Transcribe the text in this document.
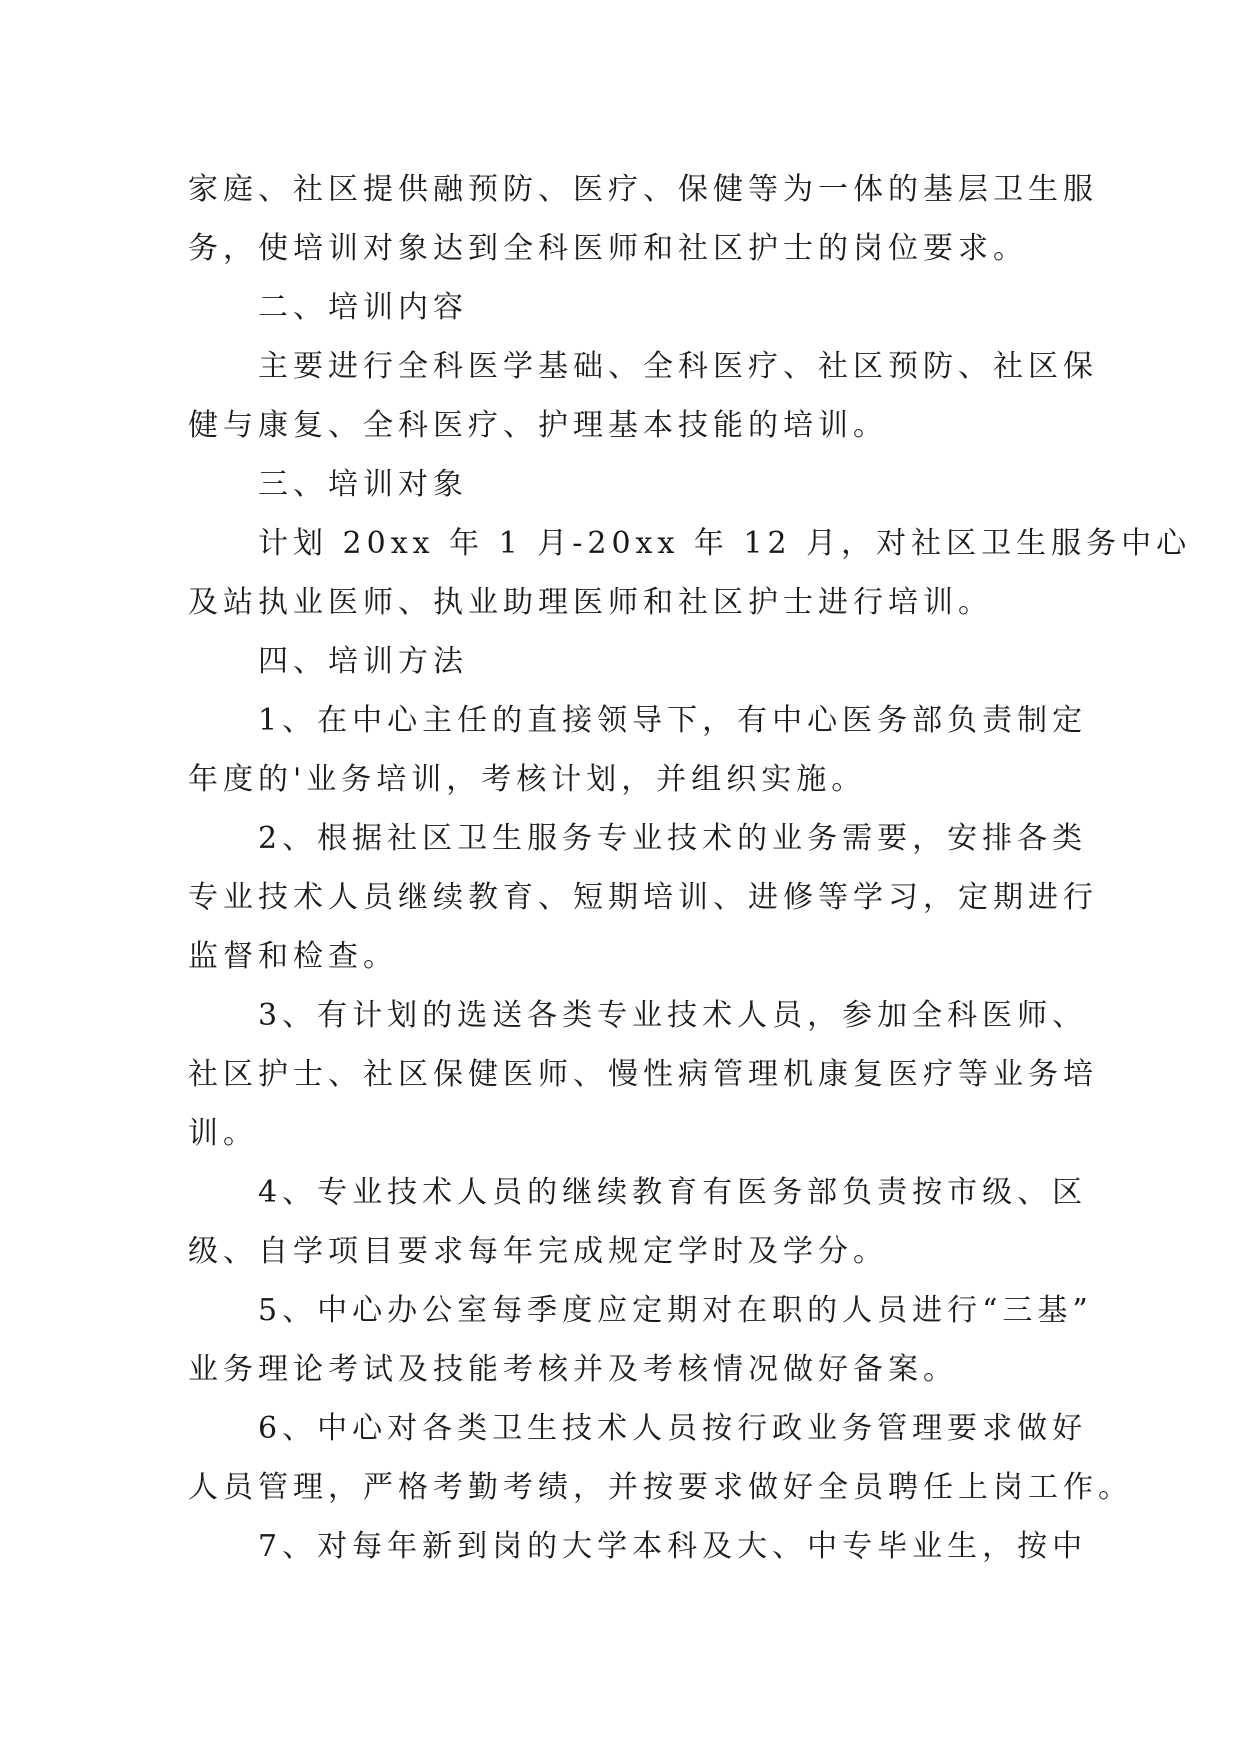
家庭、社区提供融预防、医疗、保健等为一体的基层卫生服
务，使培训对象达到全科医师和社区护士的岗位要求。
二、培训内容
主要进行全科医学基础、全科医疗、社区预防、社区保
健与康复、全科医疗、护理基本技能的培训。
三、培训对象
计划 20xx 年 1 月-20xx 年 12 月，对社区卫生服务中心
及站执业医师、执业助理医师和社区护士进行培训。
四、培训方法
1、在中心主任的直接领导下，有中心医务部负责制定
年度的'业务培训，考核计划，并组织实施。
2、根据社区卫生服务专业技术的业务需要，安排各类
专业技术人员继续教育、短期培训、进修等学习，定期进行
监督和检查。
3、有计划的选送各类专业技术人员，参加全科医师、
社区护士、社区保健医师、慢性病管理机康复医疗等业务培
训。
4、专业技术人员的继续教育有医务部负责按市级、区
级、自学项目要求每年完成规定学时及学分。
5、中心办公室每季度应定期对在职的人员进行“三基”
业务理论考试及技能考核并及考核情况做好备案。
6、中心对各类卫生技术人员按行政业务管理要求做好
人员管理，严格考勤考绩，并按要求做好全员聘任上岗工作。
7、对每年新到岗的大学本科及大、中专毕业生，按中
